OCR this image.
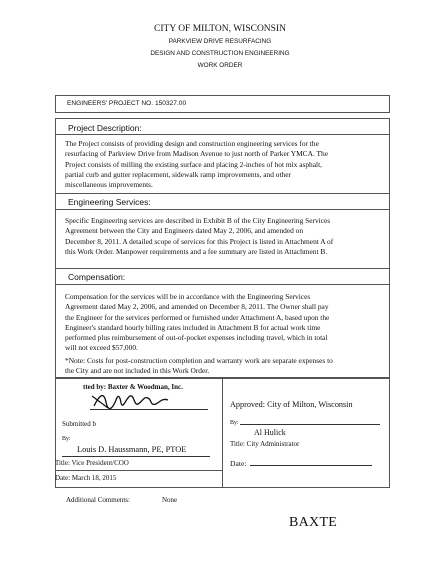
CITY OF MILTON, WISCONSIN
PARKVIEW DRIVE RESURFACING
DESIGN AND CONSTRUCTION ENGINEERING
WORK ORDER
ENGINEERS' PROJECT NO. 150327.00
Project Description:
The Project consists of providing design and construction engineering services for the
resurfacing of Parkview Drive from Madison Avenue to just north of Parker YMCA. The
Project consists of milling the existing surface and placing 2-inches of hot mix asphalt,
partial curb and gutter replacement, sidewalk ramp improvements, and other
miscellaneous improvements.
Engineering Services:
Specific Engineering services are described in Exhibit B of the City Engineering Services
Agreement between the City and Engineers dated May 2, 2006, and amended on
December 8, 2011. A detailed scope of services for this Project is listed in Attachment A of
this Work Order. Manpower requirements and a fee summary are listed in Attachment B.
Compensation:
Compensation for the services will be in accordance with the Engineering Services
Agreement dated May 2, 2006, and amended on December 8, 2011. The Owner shall pay
the Engineer for the services performed or furnished under Attachment A, based upon the
Engineer's standard hourly billing rates included in Attachment B for actual work time
performed plus reimbursement of out-of-pocket expenses including travel, which in total
will not exceed $57,000.
*Note: Costs for post-construction completion and warranty work are separate expenses to
the City and are not included in this Work Order.
tted by: Baxter & Woodman, Inc.
Submitted b
By:
Louis D. Haussmann, PE, PTOE
Title: Vice President/COO
Date: March 18, 2015
Approved: City of Milton, Wisconsin
By:
Al Hulick
Title: City Administrator
Date:
Additional Comments:	None
BAXTE
